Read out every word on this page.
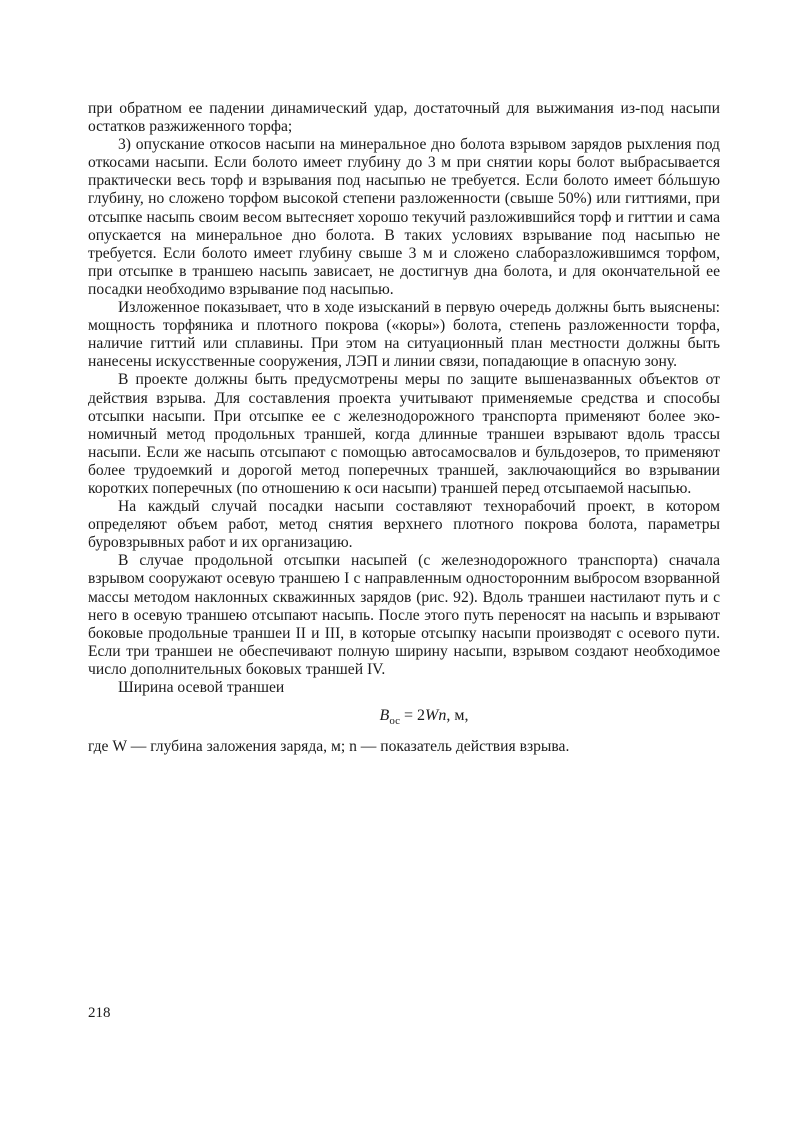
при обратном ее падении динамический удар, достаточный для выжимания из-под насыпи остатков разжиженного торфа;

3) опускание откосов насыпи на минеральное дно болота взрывом зарядов рыхления под откосами насыпи. Если болото имеет глубину до 3 м при снятии коры болот выбрасывается практически весь торф и взрывания под насыпью не требуется. Если болото имеет бóльшую глубину, но сложено торфом высокой степени разложенности (свыше 50%) или гиттиями, при отсыпке насыпь своим весом вытесняет хорошо текучий разложившийся торф и гиттии и сама опускается на минеральное дно болота. В таких условиях взрывание под насыпью не требуется. Если болото имеет глубину свыше 3 м и сложено слаборазложившимся торфом, при отсыпке в траншею насыпь зависает, не достигнув дна болота, и для окончательной ее посадки необходимо взрывание под насыпью.

Изложенное показывает, что в ходе изысканий в первую очередь должны быть выяснены: мощность торфяника и плотного покрова («коры») болота, степень разложенности торфа, наличие гиттий или сплавины. При этом на ситуационный план местности должны быть нанесены искусственные сооружения, ЛЭП и линии связи, попадающие в опасную зону.

В проекте должны быть предусмотрены меры по защите вышеназванных объектов от действия взрыва. Для составления проекта учитывают применяемые средства и способы отсыпки насыпи. При отсыпке ее с железнодорожного транспорта применяют более экономичный метод продольных траншей, когда длинные траншеи взрывают вдоль трассы насыпи. Если же насыпь отсыпают с помощью автосамосвалов и бульдозеров, то применяют более трудоемкий и дорогой метод поперечных траншей, заключающийся во взрывании коротких поперечных (по отношению к оси насыпи) траншей перед отсыпаемой насыпью.

На каждый случай посадки насыпи составляют технорабочий проект, в котором определяют объем работ, метод снятия верхнего плотного покрова болота, параметры буровзрывных работ и их организацию.

В случае продольной отсыпки насыпей (с железнодорожного транспорта) сначала взрывом сооружают осевую траншею I с направленным односторонним выбросом взорванной массы методом наклонных скважинных зарядов (рис. 92). Вдоль траншеи настилают путь и с него в осевую траншею отсыпают насыпь. После этого путь переносят на насыпь и взрывают боковые продольные траншеи II и III, в которые отсыпку насыпи производят с осевого пути. Если три траншеи не обеспечивают полную ширину насыпи, взрывом создают необходимое число дополнительных боковых траншей IV.

Ширина осевой траншеи

$B_{ос} = 2Wn$, м,

где W — глубина заложения заряда, м; n — показатель действия взрыва.

218
